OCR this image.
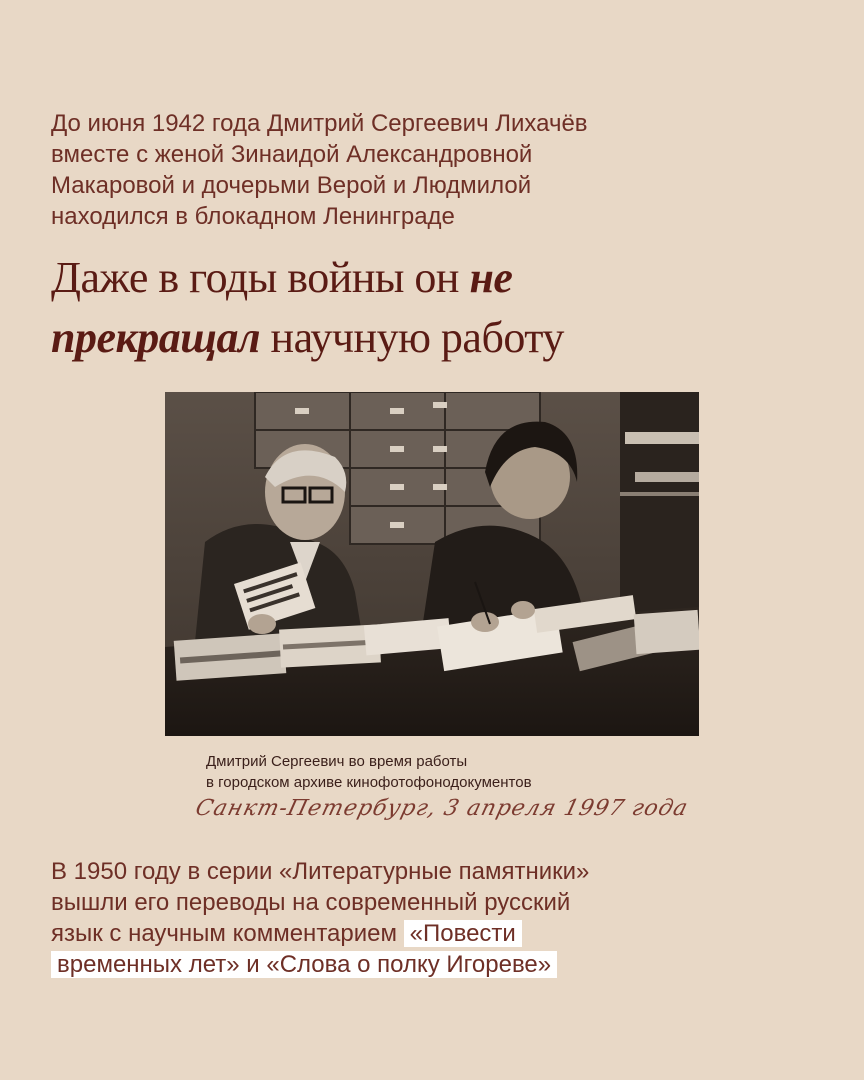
До июня 1942 года Дмитрий Сергеевич Лихачёв
вместе с женой Зинаидой Александровной
Макаровой и дочерьми Верой и Людмилой
находился в блокадном Ленинграде

Даже в годы войны он не
прекращал научную работу

Дмитрий Сергеевич во время работы
в городском архиве кинофотофонодокументов

Санкт-Петербург, 3 апреля 1997 года

В 1950 году в серии «Литературные памятники»
вышли его переводы на современный русский
язык с научным комментарием «Повести
временных лет» и «Слова о полку Игореве»
